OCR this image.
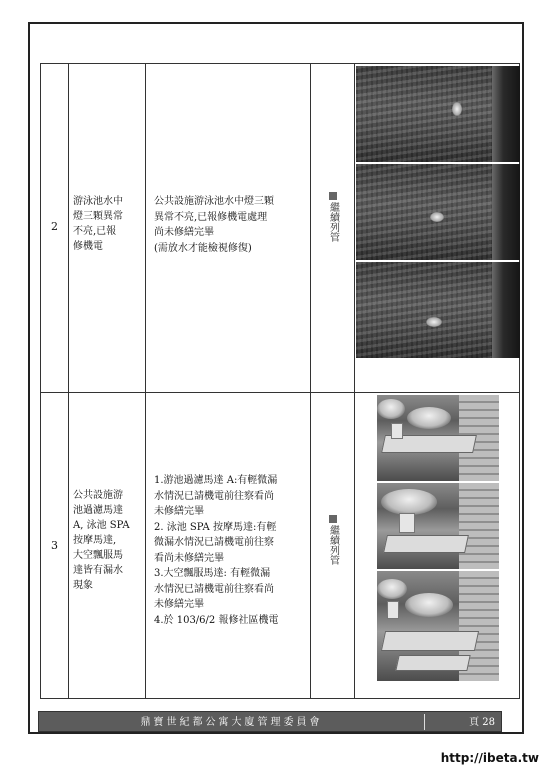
2
游泳池水中
燈三顆異常
不亮,已報
修機電
公共設施游泳池水中燈三顆
異常不亮,已報修機電處理
尚未修繕完畢
(需放水才能檢視修復)
繼續列管
3
公共設施游
池過濾馬達
A, 泳池 SPA
按摩馬達,
大空飄服馬
達皆有漏水
現象
1.游池過濾馬達 A:有輕微漏
水情況已請機電前往察看尚
未修繕完畢
2. 泳池 SPA 按摩馬達:有輕
微漏水情況已請機電前往察
看尚未修繕完畢
3.大空飄服馬達: 有輕微漏
水情況已請機電前往察看尚
未修繕完畢
4.於 103/6/2 報修社區機電
繼續列管
鼎寶世紀都公寓大廈管理委員會	頁 28
http://ibeta.tw
